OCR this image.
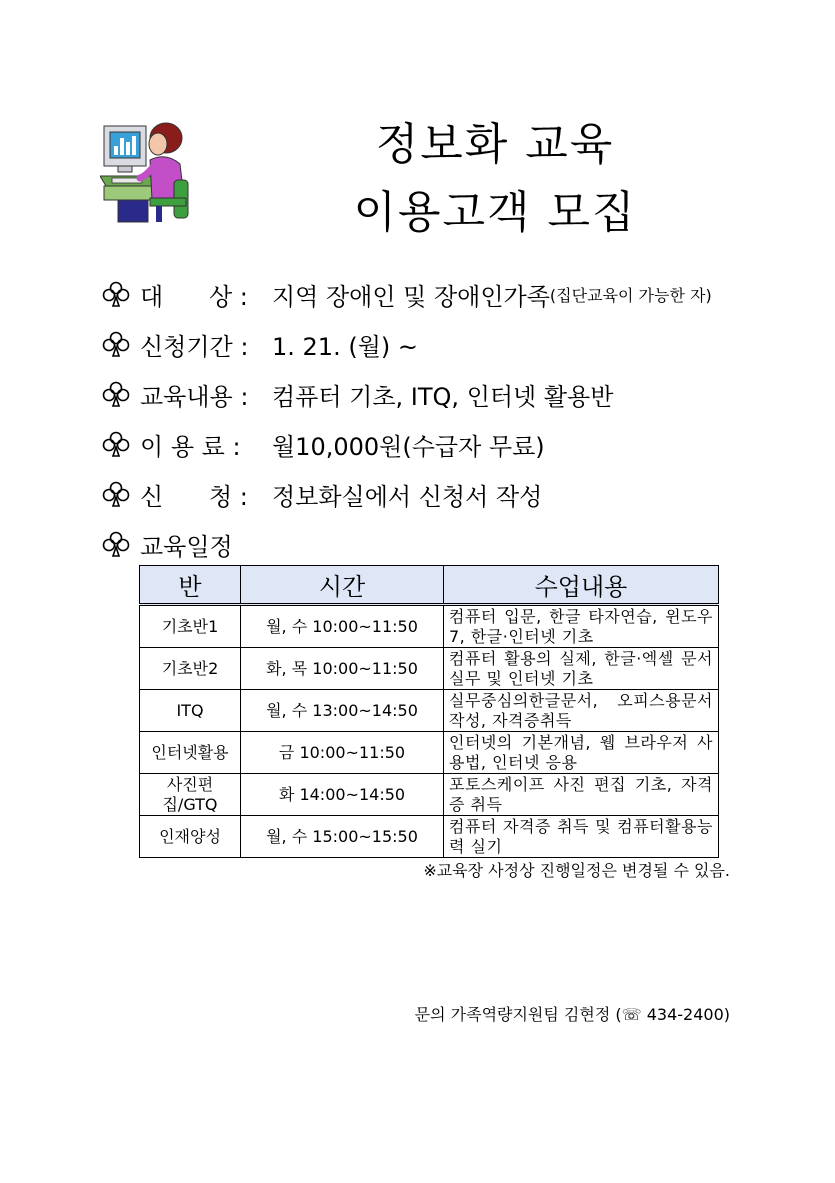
정보화 교육
이용고객 모집
대      상 :	지역 장애인 및 장애인가족 (집단교육이 가능한 자)
신청기간 : 1. 21. (월) ~
교육내용 : 컴퓨터 기초, ITQ, 인터넷 활용반
이 용 료 :	월10,000원(수급자 무료)
신      청 :	정보화실에서 신청서 작성
교육일정
반	시간	수업내용
기초반1	월, 수 10:00~11:50	컴퓨터 입문, 한글 타자연습, 윈도우 7, 한글·인터넷 기초
기초반2	화, 목 10:00~11:50	컴퓨터 활용의 실제, 한글·엑셀 문서 실무 및 인터넷 기초
ITQ	월, 수 13:00~14:50	실무중심의한글문서, 오피스용문서작성, 자격증취득
인터넷활용	금 10:00~11:50	인터넷의 기본개념, 웹 브라우저 사용법, 인터넷 응용
사진편집/GTQ	화 14:00~14:50	포토스케이프 사진 편집 기초, 자격증 취득
인재양성	월, 수 15:00~15:50	컴퓨터 자격증 취득 및 컴퓨터활용능력 실기
※교육장 사정상 진행일정은 변경될 수 있음.
문의 가족역량지원팀 김현정 (☏ 434-2400)
